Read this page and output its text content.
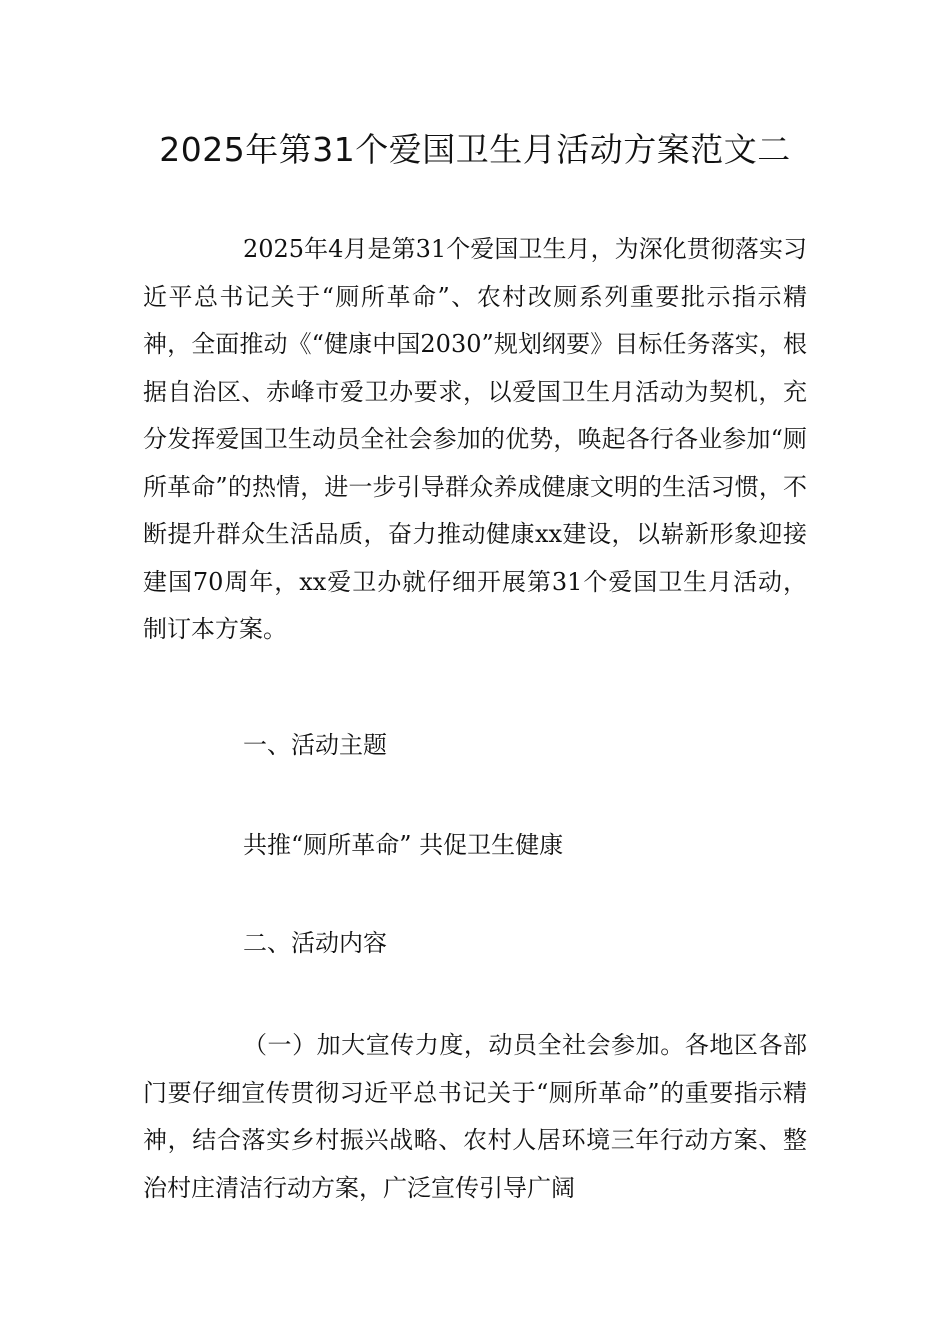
2025年第31个爱国卫生月活动方案范文二

2025年4月是第31个爱国卫生月，为深化贯彻落实习近平总书记关于“厕所革命”、农村改厕系列重要批示指示精神，全面推动《“健康中国2030”规划纲要》目标任务落实，根据自治区、赤峰市爱卫办要求，以爱国卫生月活动为契机，充分发挥爱国卫生动员全社会参加的优势，唤起各行各业参加“厕所革命”的热情，进一步引导群众养成健康文明的生活习惯，不断提升群众生活品质，奋力推动健康xx建设，以崭新形象迎接建国70周年，xx爱卫办就仔细开展第31个爱国卫生月活动，制订本方案。

一、活动主题

共推“厕所革命” 共促卫生健康

二、活动内容

（一）加大宣传力度，动员全社会参加。各地区各部门要仔细宣传贯彻习近平总书记关于“厕所革命”的重要指示精神，结合落实乡村振兴战略、农村人居环境三年行动方案、整治村庄清洁行动方案，广泛宣传引导广阔
